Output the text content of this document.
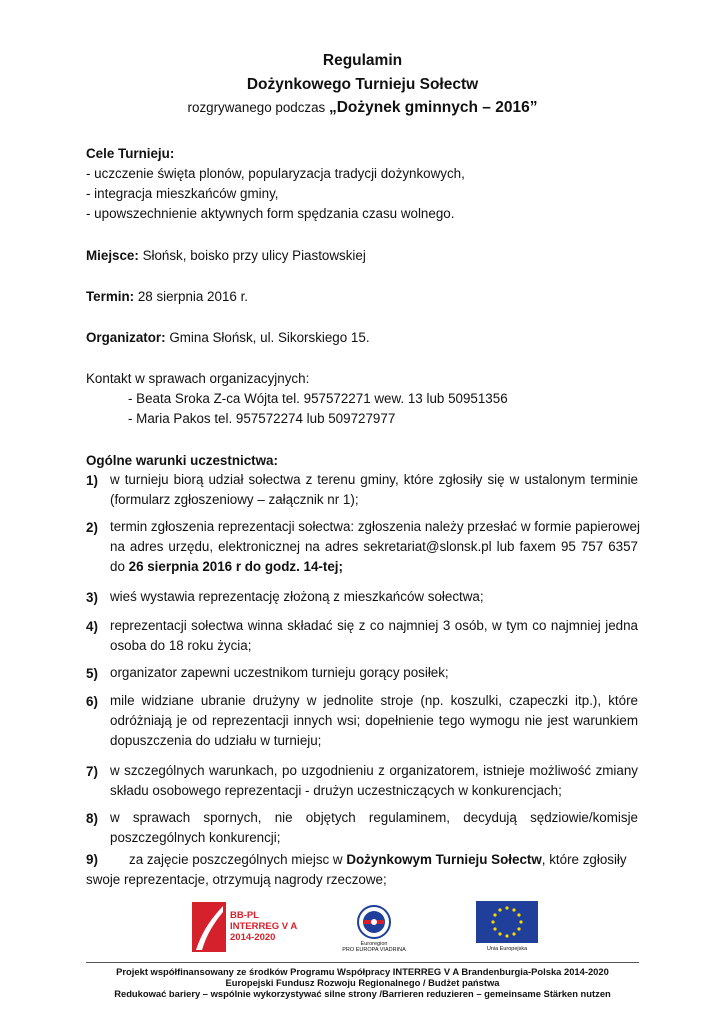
Regulamin
Dożynkowego Turnieju Sołectw
rozgrywanego podczas „Dożynek gminnych – 2016”
Cele Turnieju:
- uczczenie święta plonów, popularyzacja tradycji dożynkowych,
- integracja mieszkańców gminy,
- upowszechnienie aktywnych form spędzania czasu wolnego.
Miejsce: Słońsk, boisko przy ulicy Piastowskiej
Termin: 28 sierpnia 2016 r.
Organizator: Gmina Słońsk, ul. Sikorskiego 15.
Kontakt w sprawach organizacyjnych:
- Beata Sroka Z-ca Wójta tel. 957572271 wew. 13 lub 50951356
- Maria Pakos tel. 957572274 lub 509727977
Ogólne warunki uczestnictwa:
1) w turnieju biorą udział sołectwa z terenu gminy, które zgłosiły się w ustalonym terminie
(formularz zgłoszeniowy – załącznik nr 1);
2) termin zgłoszenia reprezentacji sołectwa: zgłoszenia należy przesłać w formie papierowej
na adres urzędu, elektronicznej na adres sekretariat@slonsk.pl lub faxem 95 757 6357
do 26 sierpnia 2016 r do godz. 14-tej;
3) wieś wystawia reprezentację złożoną z mieszkańców sołectwa;
4) reprezentacji sołectwa winna składać się z co najmniej 3 osób, w tym co najmniej jedna
osoba do 18 roku życia;
5) organizator zapewni uczestnikom turnieju gorący posiłek;
6) mile widziane ubranie drużyny w jednolite stroje (np. koszulki, czapeczki itp.), które
odróżniają je od reprezentacji innych wsi; dopełnienie tego wymogu nie jest warunkiem
dopuszczenia do udziału w turnieju;
7) w szczególnych warunkach, po uzgodnieniu z organizatorem, istnieje możliwość zmiany
składu osobowego reprezentacji - drużyn uczestniczących w konkurencjach;
8) w sprawach spornych, nie objętych regulaminem, decydują sędziowie/komisje
poszczególnych konkurencji;
9) za zajęcie poszczególnych miejsc w Dożynkowym Turnieju Sołectw, które zgłosiły
swoje reprezentacje, otrzymują nagrody rzeczowe;
BB-PL
INTERREG V A
2014-2020
Euroregion
PRO EUROPA VIADRINA	Unia Europejska
Projekt współfinansowany ze środków Programu Współpracy INTERREG V A Brandenburgia-Polska 2014-2020
Europejski Fundusz Rozwoju Regionalnego / Budżet państwa
Redukować bariery – wspólnie wykorzystywać silne strony /Barrieren reduzieren – gemeinsame Stärken nutzen
